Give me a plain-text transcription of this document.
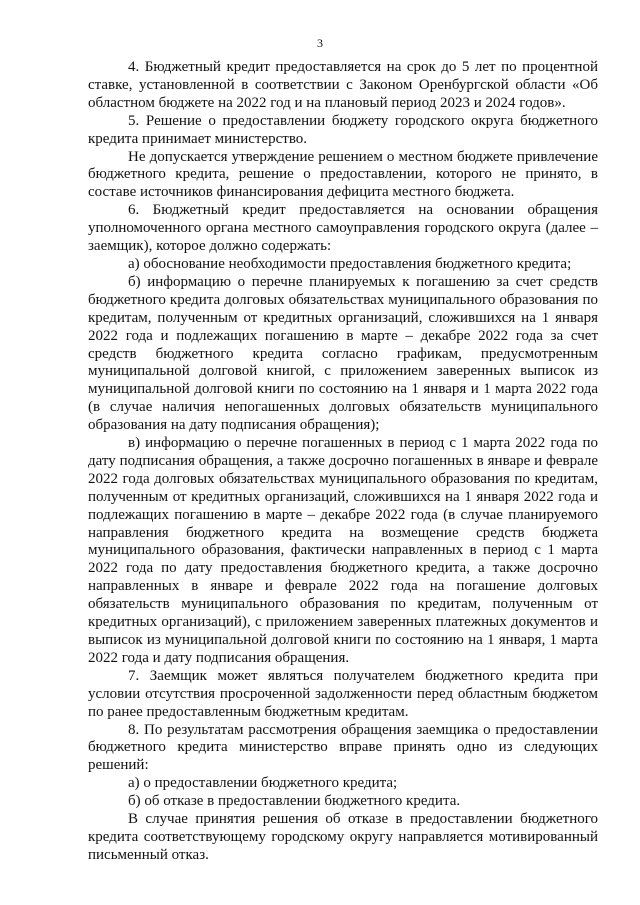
3

4. Бюджетный кредит предоставляется на срок до 5 лет по процентной ставке, установленной в соответствии с Законом Оренбургской области «Об областном бюджете на 2022 год и на плановый период 2023 и 2024 годов».

5. Решение о предоставлении бюджету городского округа бюджетного кредита принимает министерство.

Не допускается утверждение решением о местном бюджете привлечение бюджетного кредита, решение о предоставлении, которого не принято, в составе источников финансирования дефицита местного бюджета.

6. Бюджетный кредит предоставляется на основании обращения уполномоченного органа местного самоуправления городского округа (далее – заемщик), которое должно содержать:

а) обоснование необходимости предоставления бюджетного кредита;

б) информацию о перечне планируемых к погашению за счет средств бюджетного кредита долговых обязательствах муниципального образования по кредитам, полученным от кредитных организаций, сложившихся на 1 января 2022 года и подлежащих погашению в марте – декабре 2022 года за счет средств бюджетного кредита согласно графикам, предусмотренным муниципальной долговой книгой, с приложением заверенных выписок из муниципальной долговой книги по состоянию на 1 января и 1 марта 2022 года (в случае наличия непогашенных долговых обязательств муниципального образования на дату подписания обращения);

в) информацию о перечне погашенных в период с 1 марта 2022 года по дату подписания обращения, а также досрочно погашенных в январе и феврале 2022 года долговых обязательствах муниципального образования по кредитам, полученным от кредитных организаций, сложившихся на 1 января 2022 года и подлежащих погашению в марте – декабре 2022 года (в случае планируемого направления бюджетного кредита на возмещение средств бюджета муниципального образования, фактически направленных в период с 1 марта 2022 года по дату предоставления бюджетного кредита, а также досрочно направленных в январе и феврале 2022 года на погашение долговых обязательств муниципального образования по кредитам, полученным от кредитных организаций), с приложением заверенных платежных документов и выписок из муниципальной долговой книги по состоянию на 1 января, 1 марта 2022 года и дату подписания обращения.

7. Заемщик может являться получателем бюджетного кредита при условии отсутствия просроченной задолженности перед областным бюджетом по ранее предоставленным бюджетным кредитам.

8. По результатам рассмотрения обращения заемщика о предоставлении бюджетного кредита министерство вправе принять одно из следующих решений:

а) о предоставлении бюджетного кредита;

б) об отказе в предоставлении бюджетного кредита.

В случае принятия решения об отказе в предоставлении бюджетного кредита соответствующему городскому округу направляется мотивированный письменный отказ.
